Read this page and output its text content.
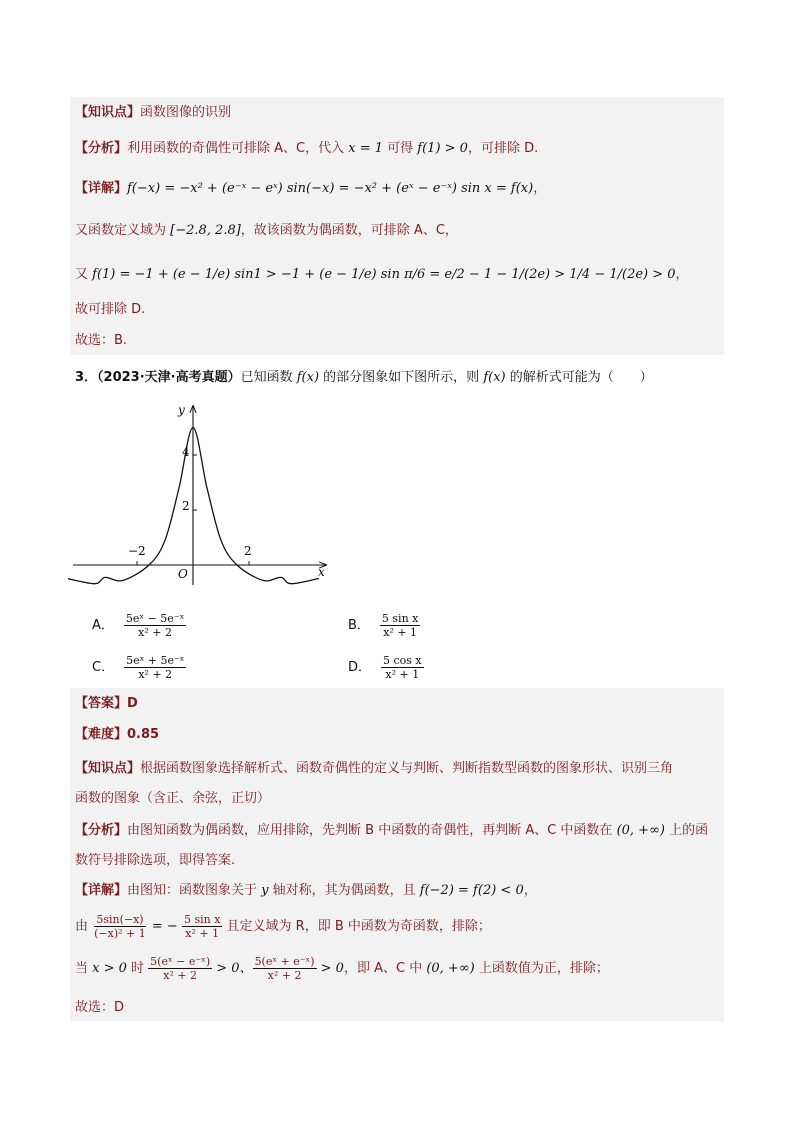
【知识点】函数图像的识别
【分析】利用函数的奇偶性可排除 A、C，代入 x = 1 可得 f(1) > 0，可排除 D.
【详解】f(−x) = −x² + (e⁻ˣ − eˣ) sin(−x) = −x² + (eˣ − e⁻ˣ) sin x = f(x)，
又函数定义域为 [−2.8, 2.8]，故该函数为偶函数，可排除 A、C，
又 f(1) = −1 + (e − 1/e) sin1 > −1 + (e − 1/e) sin π/6 = e/2 − 1 − 1/(2e) > 1/4 − 1/(2e) > 0，
故可排除 D.
故选：B.
3．（2023·天津·高考真题）已知函数 f(x) 的部分图象如下图所示，则 f(x) 的解析式可能为（　　）
x
y
O
−2	2
2
4
A． $\frac{\text{5eˣ − 5e⁻ˣ}}{\text{x² + 2}}$	B． $\frac{\text{5 sin x}}{\text{x² + 1}}$
C． $\frac{\text{5eˣ + 5e⁻ˣ}}{\text{x² + 2}}$	D． $\frac{\text{5 cos x}}{\text{x² + 1}}$
【答案】D
【难度】0.85
【知识点】根据函数图象选择解析式、函数奇偶性的定义与判断、判断指数型函数的图象形状、识别三角
函数的图象（含正、余弦，正切）
【分析】由图知函数为偶函数，应用排除，先判断 B 中函数的奇偶性，再判断 A、C 中函数在 (0, +∞) 上的函
数符号排除选项，即得答案.
【详解】由图知：函数图象关于 y 轴对称，其为偶函数，且 f(−2) = f(2) < 0，
由 $\frac{5\sin(-x)}{\text{(−x)² + 1}}$ = − $\frac{\text{5 sin x}}{\text{x² + 1}}$ 且定义域为 R，即 B 中函数为奇函数，排除；
当 x > 0 时 $\frac{\text{5(eˣ − e⁻ˣ)}}{\text{x² + 2}} > 0$、 $\frac{\text{5(eˣ + e⁻ˣ)}}{\text{x² + 2}} > 0$，即 A、C 中 (0, +∞) 上函数值为正，排除；
故选：D
